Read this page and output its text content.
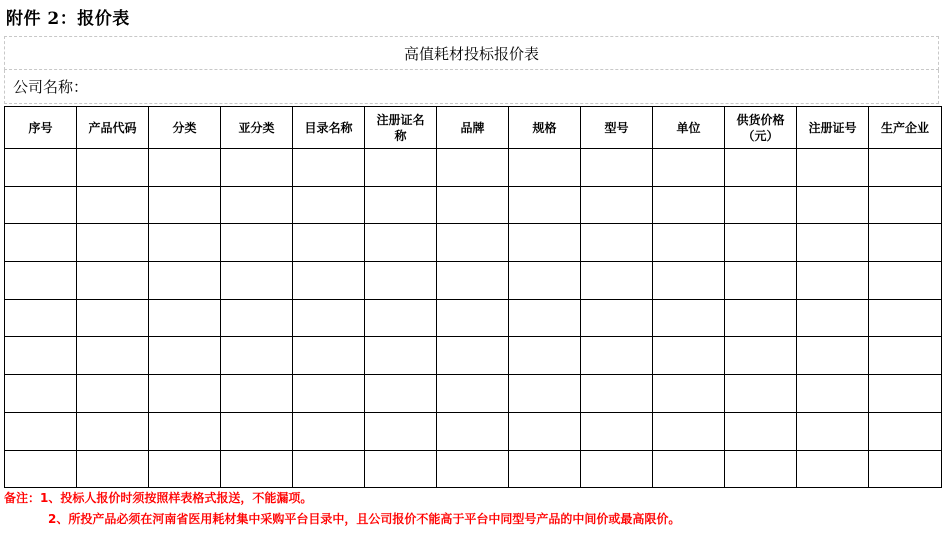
附件 2：报价表
高值耗材投标报价表
公司名称：
序号	产品代码	分类	亚分类	目录名称	注册证名称	品牌	规格	型号	单位	供货价格（元）	注册证号	生产企业

备注：1、投标人报价时须按照样表格式报送，不能漏项。
2、所投产品必须在河南省医用耗材集中采购平台目录中，且公司报价不能高于平台中同型号产品的中间价或最高限价。
